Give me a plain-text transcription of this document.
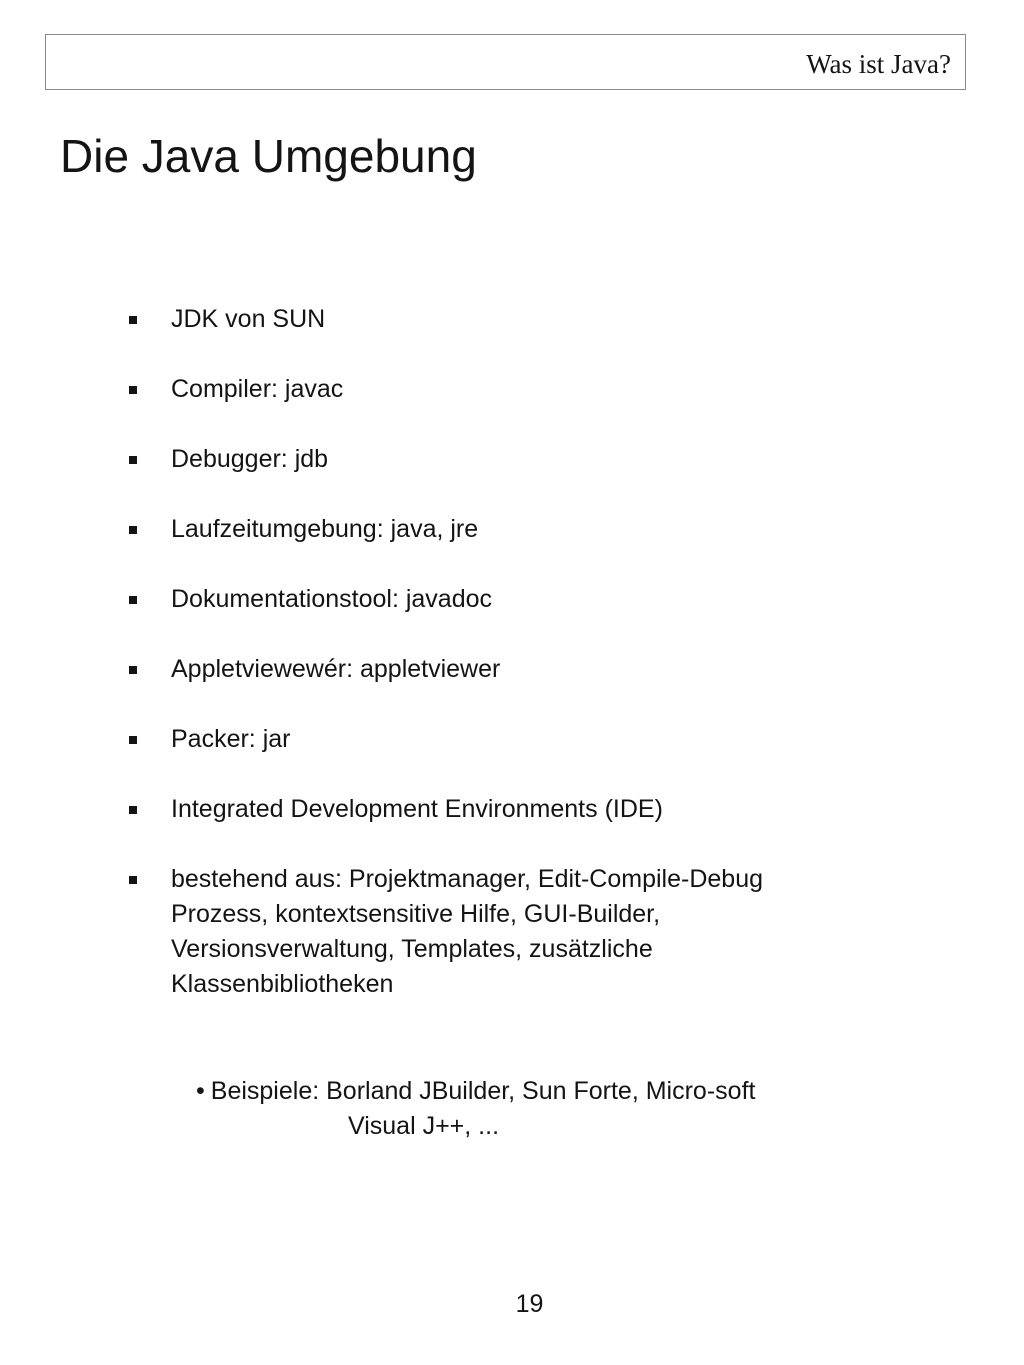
Was ist Java?
Die Java Umgebung
JDK von SUN
Compiler: javac
Debugger: jdb
Laufzeitumgebung: java, jre
Dokumentationstool: javadoc
Appletviewewér: appletviewer
Packer: jar
Integrated Development Environments (IDE)
bestehend aus: Projektmanager, Edit-Compile-Debug Prozess, kontextsensitive Hilfe, GUI-Builder, Versionsverwaltung, Templates, zusätzliche Klassenbibliotheken
• Beispiele: Borland JBuilder, Sun Forte, Micro-soft
Visual J++, ...
19
